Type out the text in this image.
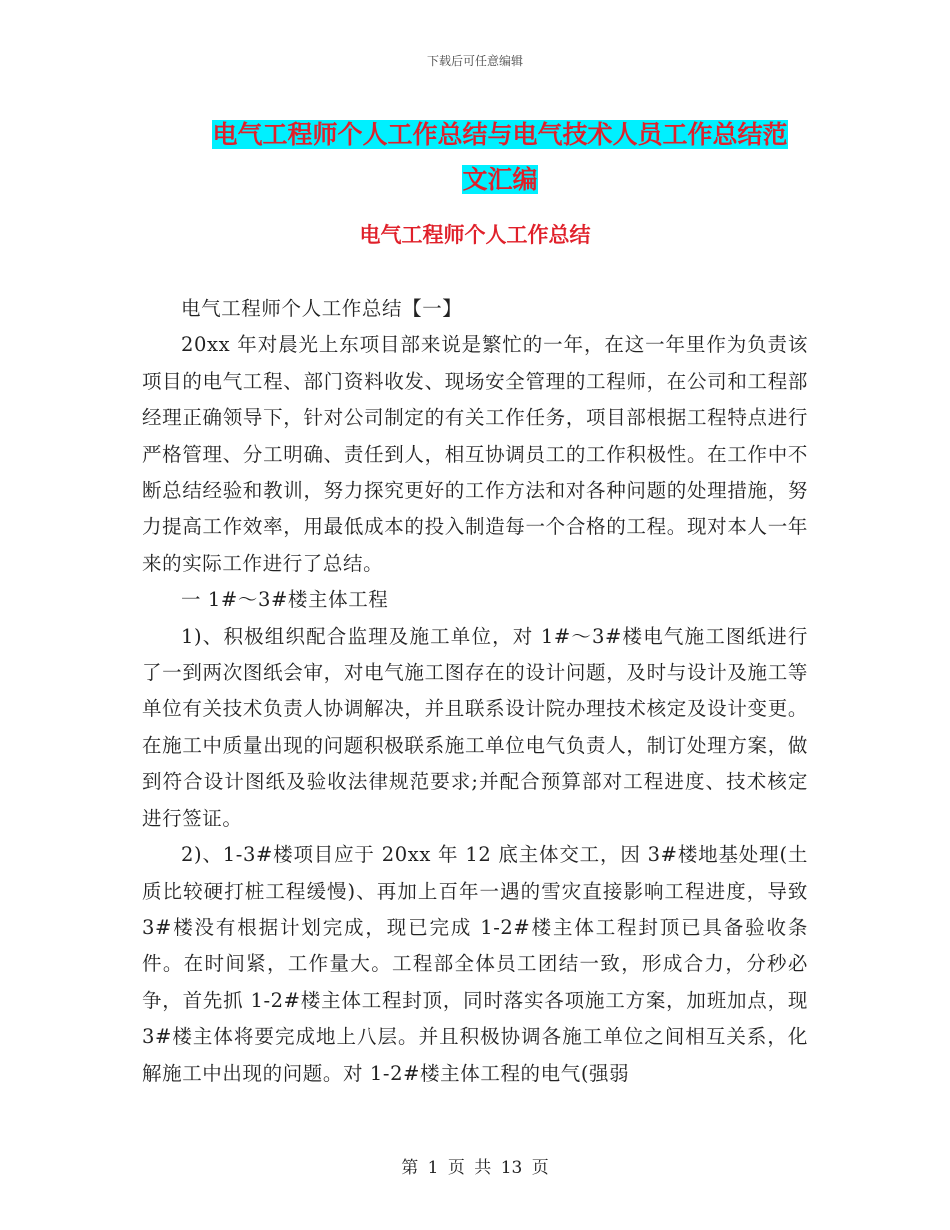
下载后可任意编辑
电气工程师个人工作总结与电气技术人员工作总结范
文汇编
电气工程师个人工作总结

电气工程师个人工作总结【一】

20xx 年对晨光上东项目部来说是繁忙的一年，在这一年里作为负责该项目的电气工程、部门资料收发、现场安全管理的工程师，在公司和工程部经理正确领导下，针对公司制定的有关工作任务，项目部根据工程特点进行严格管理、分工明确、责任到人，相互协调员工的工作积极性。在工作中不断总结经验和教训，努力探究更好的工作方法和对各种问题的处理措施，努力提高工作效率，用最低成本的投入制造每一个合格的工程。现对本人一年来的实际工作进行了总结。

一 1#～3#楼主体工程

1)、积极组织配合监理及施工单位，对 1#～3#楼电气施工图纸进行了一到两次图纸会审，对电气施工图存在的设计问题，及时与设计及施工等单位有关技术负责人协调解决，并且联系设计院办理技术核定及设计变更。在施工中质量出现的问题积极联系施工单位电气负责人，制订处理方案，做到符合设计图纸及验收法律规范要求;并配合预算部对工程进度、技术核定进行签证。

2)、1-3#楼项目应于 20xx 年 12 底主体交工，因 3#楼地基处理(土质比较硬打桩工程缓慢)、再加上百年一遇的雪灾直接影响工程进度，导致 3#楼没有根据计划完成，现已完成 1-2#楼主体工程封顶已具备验收条件。在时间紧，工作量大。工程部全体员工团结一致，形成合力，分秒必争，首先抓 1-2#楼主体工程封顶，同时落实各项施工方案，加班加点，现 3#楼主体将要完成地上八层。并且积极协调各施工单位之间相互关系，化解施工中出现的问题。对 1-2#楼主体工程的电气(强弱

第 1 页 共 13 页
